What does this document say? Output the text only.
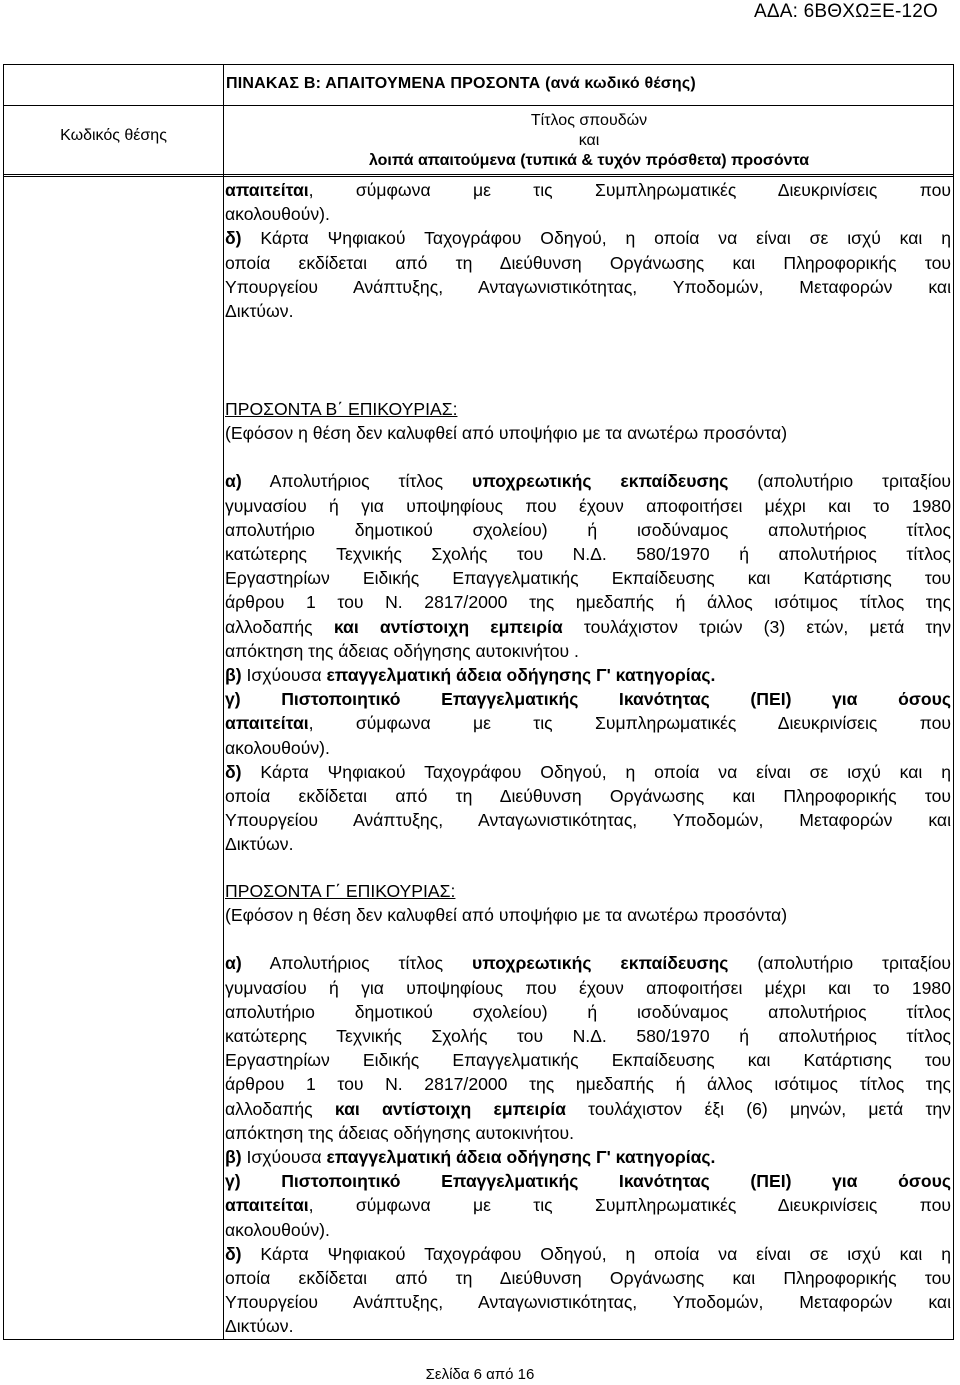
ΑΔΑ: 6ΒΘΧΩΞΕ-12Ο
ΠΙΝΑΚΑΣ Β: ΑΠΑΙΤΟΥΜΕΝΑ ΠΡΟΣΟΝΤΑ (ανά κωδικό θέσης)
Κωδικός θέσης
Τίτλος σπουδών
και
λοιπά απαιτούμενα (τυπικά & τυχόν πρόσθετα) προσόντα
απαιτείται, σύμφωνα με τις Συμπληρωματικές Διευκρινίσεις που
ακολουθούν).
δ) Κάρτα Ψηφιακού Ταχογράφου Οδηγού, η οποία να είναι σε ισχύ και η
οποία εκδίδεται από τη Διεύθυνση Οργάνωσης και Πληροφορικής του
Υπουργείου Ανάπτυξης, Ανταγωνιστικότητας, Υποδομών, Μεταφορών και
Δικτύων.
ΠΡΟΣΟΝΤΑ Β΄ ΕΠΙΚΟΥΡΙΑΣ:
(Εφόσον η θέση δεν καλυφθεί από υποψήφιο με τα ανωτέρω προσόντα)
α) Απολυτήριος τίτλος υποχρεωτικής εκπαίδευσης (απολυτήριο τριταξίου
γυμνασίου ή για υποψηφίους που έχουν αποφοιτήσει μέχρι και το 1980
απολυτήριο δημοτικού σχολείου) ή ισοδύναμος απολυτήριος τίτλος
κατώτερης Τεχνικής Σχολής του Ν.Δ. 580/1970 ή απολυτήριος τίτλος
Εργαστηρίων Ειδικής Επαγγελματικής Εκπαίδευσης και Κατάρτισης του
άρθρου 1 του Ν. 2817/2000 της ημεδαπής ή άλλος ισότιμος τίτλος της
αλλοδαπής και αντίστοιχη εμπειρία τουλάχιστον τριών (3) ετών, μετά την
απόκτηση της άδειας οδήγησης αυτοκινήτου .
β) Ισχύουσα επαγγελματική άδεια οδήγησης Γ' κατηγορίας.
γ) Πιστοποιητικό Επαγγελματικής Ικανότητας (ΠΕΙ) για όσους
απαιτείται, σύμφωνα με τις Συμπληρωματικές Διευκρινίσεις που
ακολουθούν).
δ) Κάρτα Ψηφιακού Ταχογράφου Οδηγού, η οποία να είναι σε ισχύ και η
οποία εκδίδεται από τη Διεύθυνση Οργάνωσης και Πληροφορικής του
Υπουργείου Ανάπτυξης, Ανταγωνιστικότητας, Υποδομών, Μεταφορών και
Δικτύων.
ΠΡΟΣΟΝΤΑ Γ΄ ΕΠΙΚΟΥΡΙΑΣ:
(Εφόσον η θέση δεν καλυφθεί από υποψήφιο με τα ανωτέρω προσόντα)
α) Απολυτήριος τίτλος υποχρεωτικής εκπαίδευσης (απολυτήριο τριταξίου
γυμνασίου ή για υποψηφίους που έχουν αποφοιτήσει μέχρι και το 1980
απολυτήριο δημοτικού σχολείου) ή ισοδύναμος απολυτήριος τίτλος
κατώτερης Τεχνικής Σχολής του Ν.Δ. 580/1970 ή απολυτήριος τίτλος
Εργαστηρίων Ειδικής Επαγγελματικής Εκπαίδευσης και Κατάρτισης του
άρθρου 1 του Ν. 2817/2000 της ημεδαπής ή άλλος ισότιμος τίτλος της
αλλοδαπής και αντίστοιχη εμπειρία τουλάχιστον έξι (6) μηνών, μετά την
απόκτηση της άδειας οδήγησης αυτοκινήτου.
β) Ισχύουσα επαγγελματική άδεια οδήγησης Γ' κατηγορίας.
γ) Πιστοποιητικό Επαγγελματικής Ικανότητας (ΠΕΙ) για όσους
απαιτείται, σύμφωνα με τις Συμπληρωματικές Διευκρινίσεις που
ακολουθούν).
δ) Κάρτα Ψηφιακού Ταχογράφου Οδηγού, η οποία να είναι σε ισχύ και η
οποία εκδίδεται από τη Διεύθυνση Οργάνωσης και Πληροφορικής του
Υπουργείου Ανάπτυξης, Ανταγωνιστικότητας, Υποδομών, Μεταφορών και
Δικτύων.
Σελίδα 6 από 16
